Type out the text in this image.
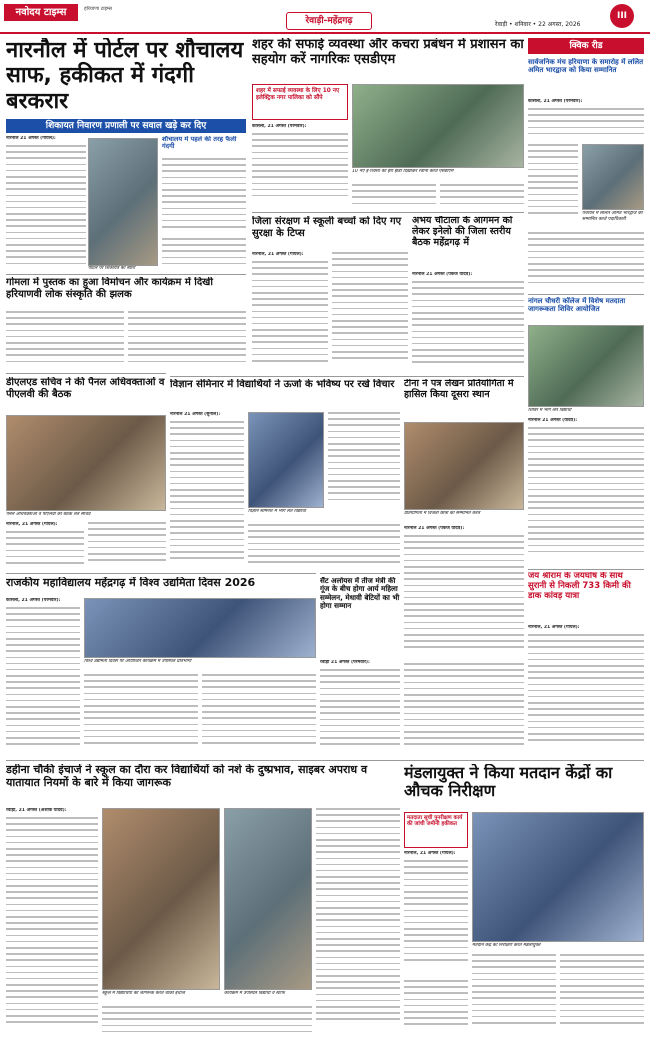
नवोदय टाइम्स	हरियाणा टाइम्स
रेवाड़ी-महेंद्रगढ़	रेवाड़ी • शनिवार • 22 अगस्त, 2026
III
नारनौल में पोर्टल पर शौचालय साफ, हकीकत में गंदगी बरकरार
शिकायत निवारण प्रणाली पर सवाल खड़े कर दिए
नारनौल 21 अगस्त (गोयल):
पोर्टल पर शिकायत का ब्यौरा
शौचालय में पहले की तरह फैली गंदगी
गोमला में पुस्तक का हुआ विमोचन और कार्यक्रम में दिखी हरियाणवी लोक संस्कृति की झलक
डीएलएड सचिव ने की पैनल अधिवक्ताओं व पीएलवी की बैठक
पैनल अधिवक्ताओं व पीएलवी की बैठक लेते सचिव
नारनौल, 21 अगस्त (गोयल):
राजकीय महाविद्यालय महेंद्रगढ़ में विश्व उद्यमिता दिवस 2026
कोसली, 21 अगस्त (परमवीर):
विश्व उद्यमिता दिवस पर आयोजित कार्यक्रम में उपस्थित प्रतिभागी
शहर की सफाई व्यवस्था और कचरा प्रबंधन में प्रशासन का सहयोग करें नागरिकः एसडीएम
शहर में सफाई व्यवस्था के लिए 10 नए इलेक्ट्रिक नगर पालिका को सौंपे
कोसली, 21 अगस्त (परमवीर):
10 नए ई-रिक्शा को हरी झंडी दिखाकर रवाना करते एसडीएम
जिला संरक्षण में स्कूली बच्चों को दिए गए सुरक्षा के टिप्स
नारनौल, 21 अगस्त (गोयल):
अभय चौटाला के आगमन को लेकर इनेलो की जिला स्तरीय बैठक महेंद्रगढ़ में
नारनौल 21 अगस्त (पंकज यादव):
विज्ञान सेमिनार में विद्यार्थियों ने ऊर्जा के भविष्य पर रखे विचार
नारनौल 21 अगस्त (सुनील):
विज्ञान सेमिनार में भाग लेते विद्यार्थी
टीना ने पत्र लेखन प्रतियोगिता में हासिल किया दूसरा स्थान
प्रतियोगिता में विजेता छात्रा को सम्मानित करते
नारनौल 21 अगस्त (पंकज यादव):
सैंट अलोयस में तीज मंत्री की गूंज के बीच होगा आर्य महिला सम्मेलन, मेधावी बेटियों का भी होगा सम्मान
रेवाड़ी 21 अगस्त (परमवीर):
क्विक रीड
सार्वजनिक मंच हरियाणा के समारोह में ललित अमित भारद्वाज को किया सम्मानित
कोसली, 21 अगस्त (परमवीर):
पंचायत में ललित अमित भारद्वाज को सम्मानित करते पदाधिकारी
नांगल चौधरी कॉलेज में विशेष मतदाता जागरूकता शिविर आयोजित
शिविर में भाग लेते विद्यार्थी
नारनौल 21 अगस्त (यादव):
जय श्रीराम के जयघोष के साथ सुरानी से निकली 733 किमी की डाक कांवड़ यात्रा
नारनौल, 21 अगस्त (गोयल):
डहीना चौकी इंचार्ज ने स्कूल का दौरा कर विद्यार्थियों को नशे के दुष्प्रभाव, साइबर अपराध व यातायात नियमों के बारे में किया जागरूक
रेवाड़ी, 21 अगस्त (अशोक यादव):
स्कूल में विद्यार्थियों को जागरूक करते चौकी इंचार्ज	कार्यक्रम में उपस्थित विद्यार्थी व स्टाफ
मंडलायुक्त ने किया मतदान केंद्रों का औचक निरीक्षण
मतदाता सूची पुनरीक्षण कार्य की जांची जमीनी हकीकत
नारनौल, 21 अगस्त (गोयल):
मतदान केंद्र का निरीक्षण करते मंडलायुक्त
